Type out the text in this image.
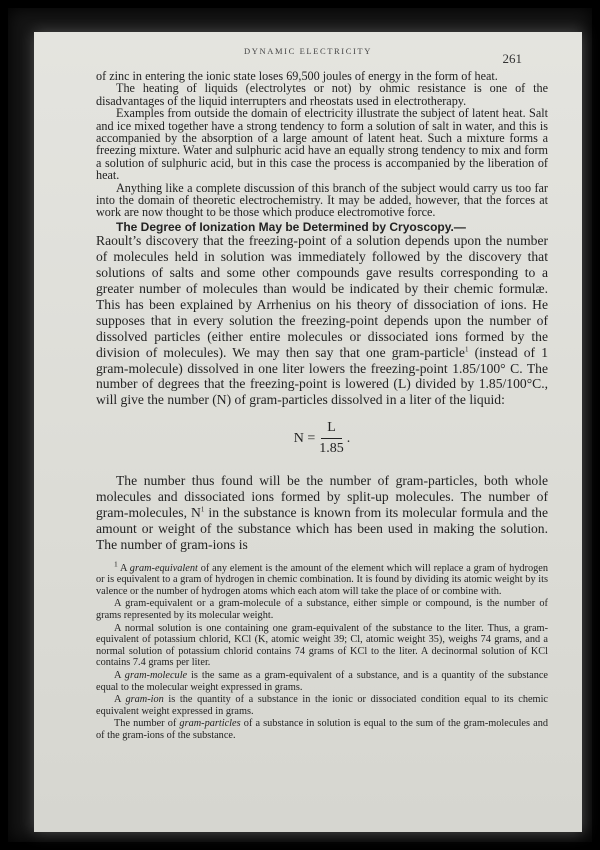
DYNAMIC ELECTRICITY	261

of zinc in entering the ionic state loses 69,500 joules of energy in the form of heat.

The heating of liquids (electrolytes or not) by ohmic resistance is one of the disadvantages of the liquid interrupters and rheostats used in electrotherapy.

Examples from outside the domain of electricity illustrate the subject of latent heat. Salt and ice mixed together have a strong tendency to form a solution of salt in water, and this is accompanied by the absorption of a large amount of latent heat. Such a mixture forms a freezing mixture. Water and sulphuric acid have an equally strong tendency to mix and form a solution of sulphuric acid, but in this case the process is accompanied by the liberation of heat.

Anything like a complete discussion of this branch of the subject would carry us too far into the domain of theoretic electrochemistry. It may be added, however, that the forces at work are now thought to be those which produce electromotive force.

The Degree of Ionization May be Determined by Cryoscopy.—

Raoult’s discovery that the freezing-point of a solution depends upon the number of molecules held in solution was immediately followed by the discovery that solutions of salts and some other compounds gave results corresponding to a greater number of molecules than would be indicated by their chemic formulæ. This has been explained by Arrhenius on his theory of dissociation of ions. He supposes that in every solution the freezing-point depends upon the number of dissolved particles (either entire molecules or dissociated ions formed by the division of molecules). We may then say that one gram-particle$^1$ (instead of 1 gram-molecule) dissolved in one liter lowers the freezing-point 1.85/100° C. The number of degrees that the freezing-point is lowered (L) divided by 1.85/100°C., will give the number (N) of gram-particles dissolved in a liter of the liquid:

$N = \frac{L}{1.85}$ .

The number thus found will be the number of gram-particles, both whole molecules and dissociated ions formed by split-up molecules. The number of gram-molecules, $N^1$ in the substance is known from its molecular formula and the amount or weight of the substance which has been used in making the solution. The number of gram-ions is

$^1$ A gram-equivalent of any element is the amount of the element which will replace a gram of hydrogen or is equivalent to a gram of hydrogen in chemic combination. It is found by dividing its atomic weight by its valence or the number of hydrogen atoms which each atom will take the place of or combine with.

A gram-equivalent or a gram-molecule of a substance, either simple or compound, is the number of grams represented by its molecular weight.

A normal solution is one containing one gram-equivalent of the substance to the liter. Thus, a gram-equivalent of potassium chlorid, KCl (K, atomic weight 39; Cl, atomic weight 35), weighs 74 grams, and a normal solution of potassium chlorid contains 74 grams of KCl to the liter. A decinormal solution of KCl contains 7.4 grams per liter.

A gram-molecule is the same as a gram-equivalent of a substance, and is a quantity of the substance equal to the molecular weight expressed in grams.

A gram-ion is the quantity of a substance in the ionic or dissociated condition equal to its chemic equivalent weight expressed in grams.

The number of gram-particles of a substance in solution is equal to the sum of the gram-molecules and of the gram-ions of the substance.
